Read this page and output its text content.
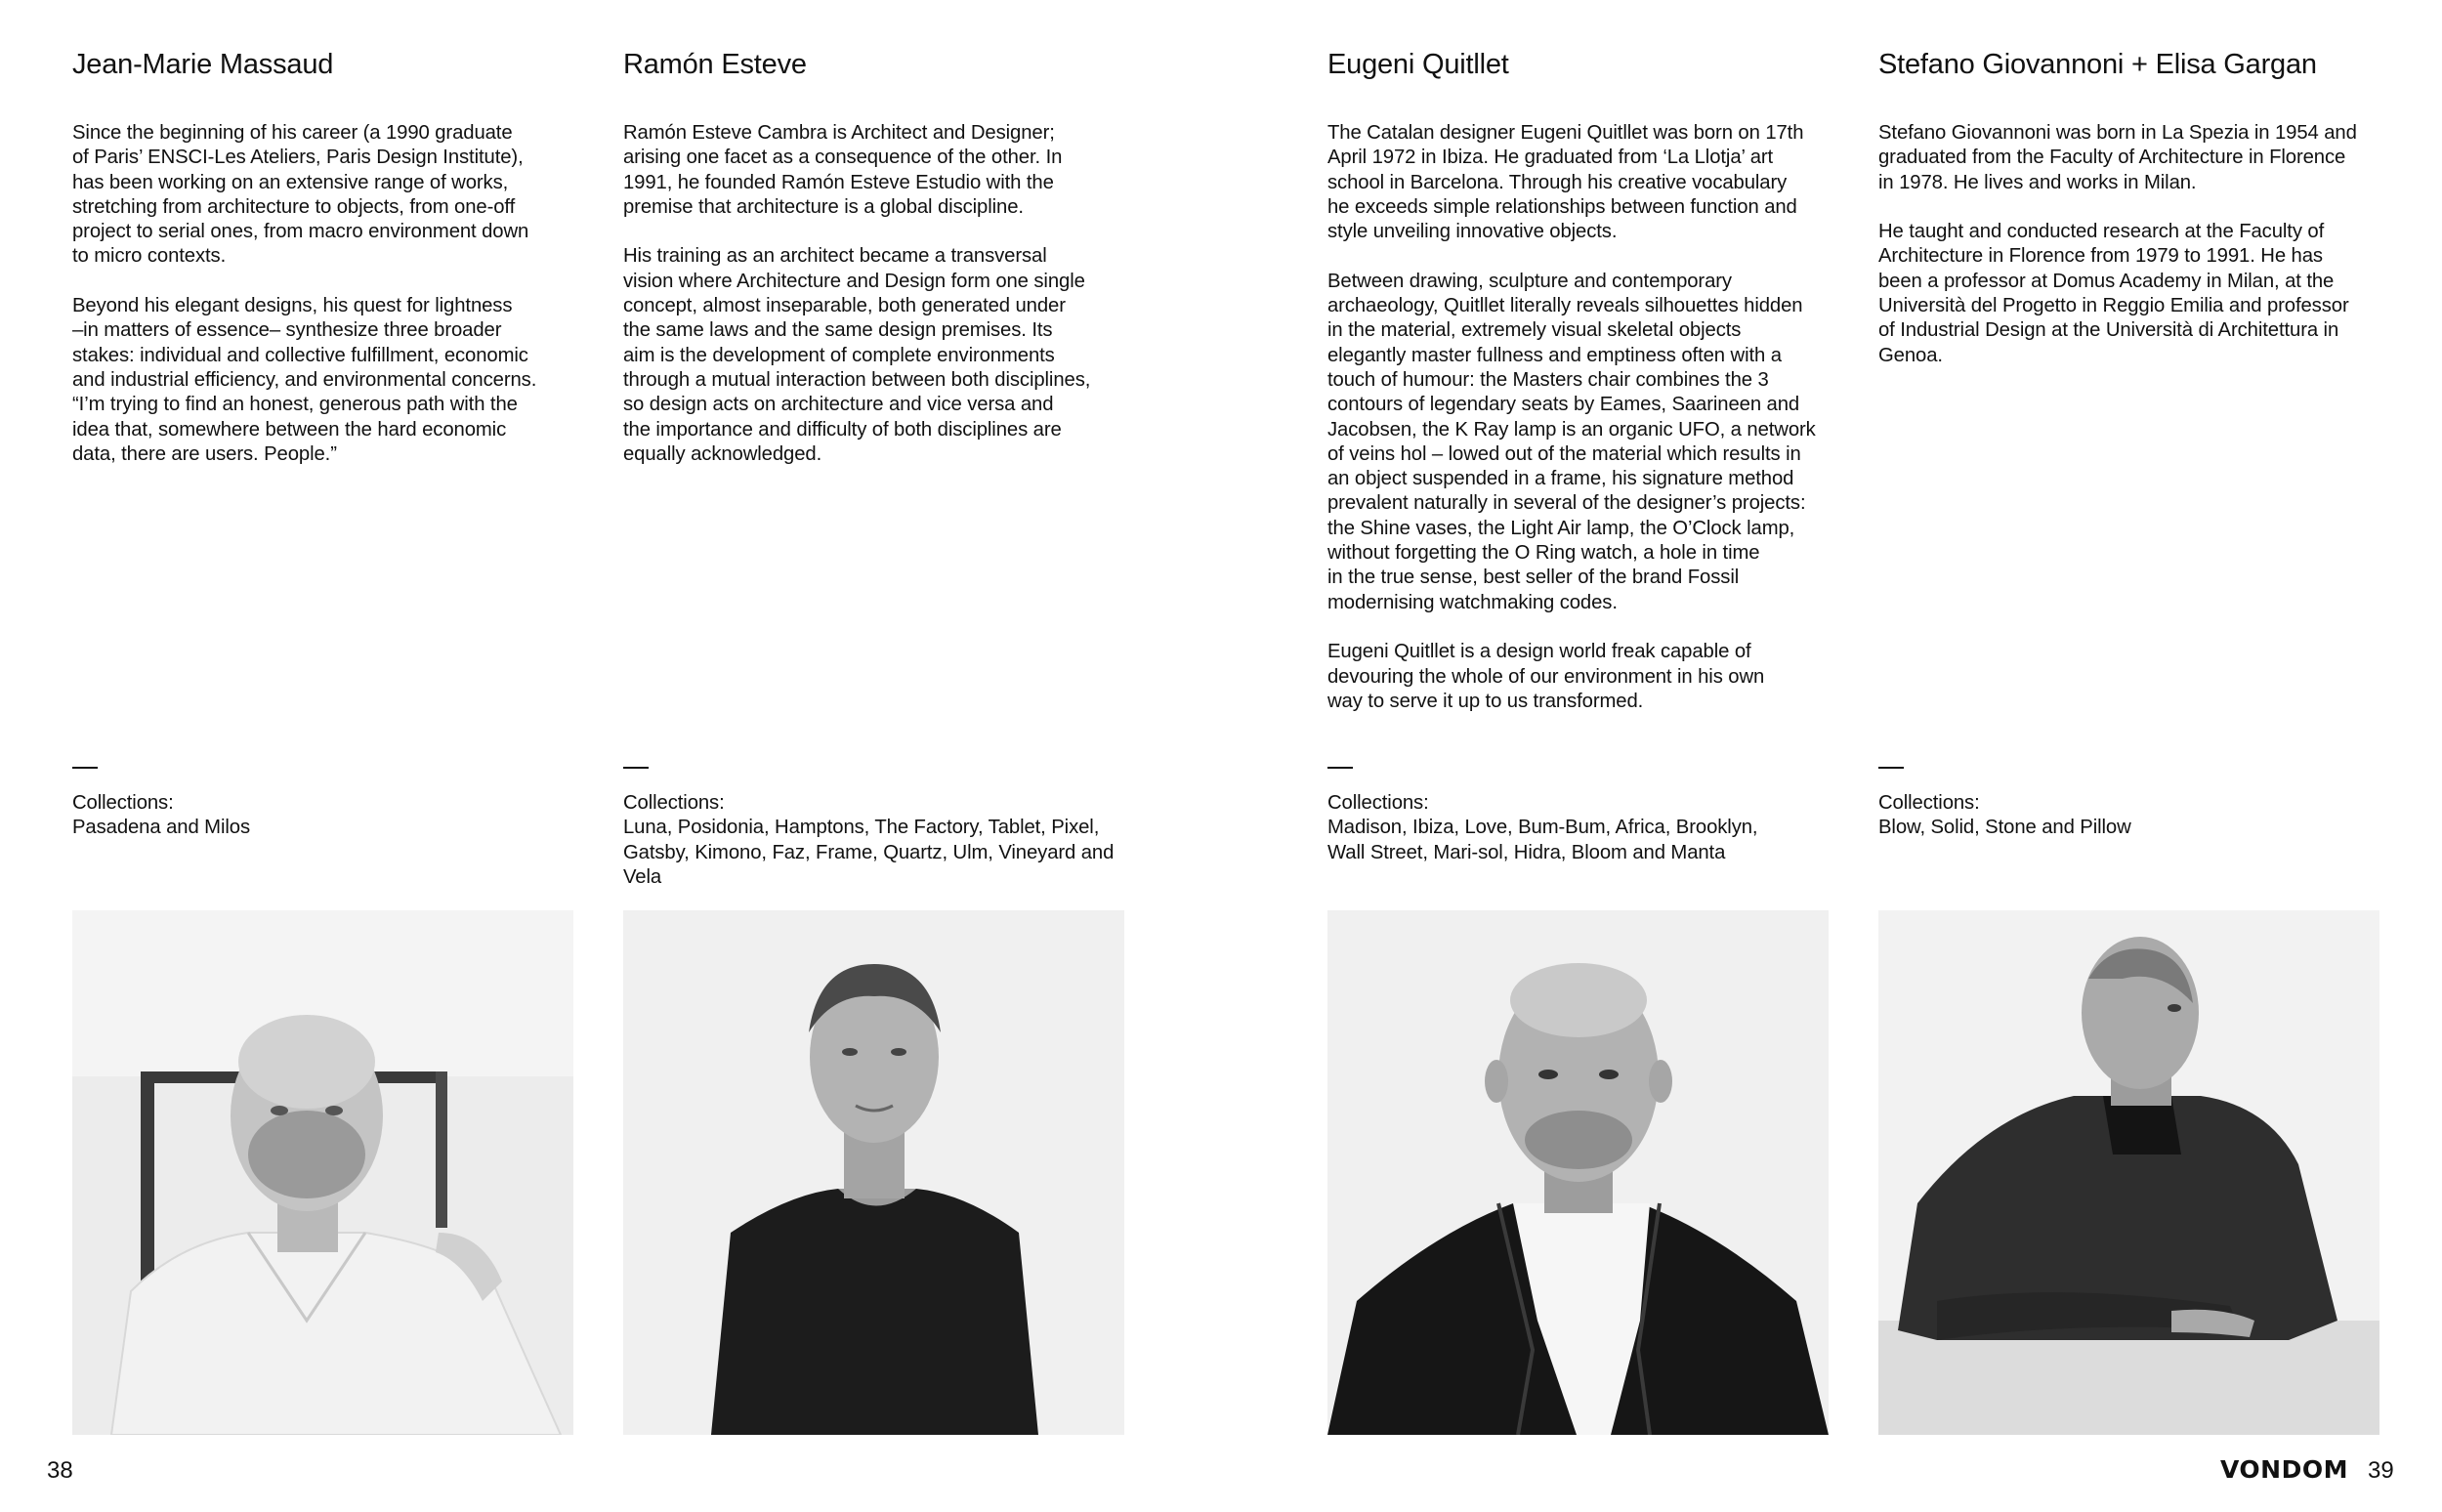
Jean-Marie Massaud

Since the beginning of his career (a 1990 graduate
of Paris’ ENSCI-Les Ateliers, Paris Design Institute),
has been working on an extensive range of works,
stretching from architecture to objects, from one-off
project to serial ones, from macro environment down
to micro contexts.

Beyond his elegant designs, his quest for lightness
–in matters of essence– synthesize three broader
stakes: individual and collective fulfillment, economic
and industrial efficiency, and environmental concerns.
“I’m trying to find an honest, generous path with the
idea that, somewhere between the hard economic
data, there are users. People.”

Collections:
Pasadena and Milos
Ramón Esteve

Ramón Esteve Cambra is Architect and Designer;
arising one facet as a consequence of the other. In
1991, he founded Ramón Esteve Estudio with the
premise that architecture is a global discipline.

His training as an architect became a transversal
vision where Architecture and Design form one single
concept, almost inseparable, both generated under
the same laws and the same design premises. Its
aim is the development of complete environments
through a mutual interaction between both disciplines,
so design acts on architecture and vice versa and
the importance and difficulty of both disciplines are
equally acknowledged.

Collections:
Luna, Posidonia, Hamptons, The Factory, Tablet, Pixel,
Gatsby, Kimono, Faz, Frame, Quartz, Ulm, Vineyard and
Vela
Eugeni Quitllet

The Catalan designer Eugeni Quitllet was born on 17th
April 1972 in Ibiza. He graduated from ‘La Llotja’ art
school in Barcelona. Through his creative vocabulary
he exceeds simple relationships between function and
style unveiling innovative objects.

Between drawing, sculpture and contemporary
archaeology, Quitllet literally reveals silhouettes hidden
in the material, extremely visual skeletal objects
elegantly master fullness and emptiness often with a
touch of humour: the Masters chair combines the 3
contours of legendary seats by Eames, Saarineen and
Jacobsen, the K Ray lamp is an organic UFO, a network
of veins hol – lowed out of the material which results in
an object suspended in a frame, his signature method
prevalent naturally in several of the designer’s projects:
the Shine vases, the Light Air lamp, the O’Clock lamp,
without forgetting the O Ring watch, a hole in time
in the true sense, best seller of the brand Fossil
modernising watchmaking codes.

Eugeni Quitllet is a design world freak capable of
devouring the whole of our environment in his own
way to serve it up to us transformed.

Collections:
Madison, Ibiza, Love, Bum-Bum, Africa, Brooklyn,
Wall Street, Mari-sol, Hidra, Bloom and Manta
Stefano Giovannoni + Elisa Gargan

Stefano Giovannoni was born in La Spezia in 1954 and
graduated from the Faculty of Architecture in Florence
in 1978. He lives and works in Milan.

He taught and conducted research at the Faculty of
Architecture in Florence from 1979 to 1991. He has
been a professor at Domus Academy in Milan, at the
Università del Progetto in Reggio Emilia and professor
of Industrial Design at the Università di Architettura in
Genoa.

Collections:
Blow, Solid, Stone and Pillow
38	VONDOM 39
